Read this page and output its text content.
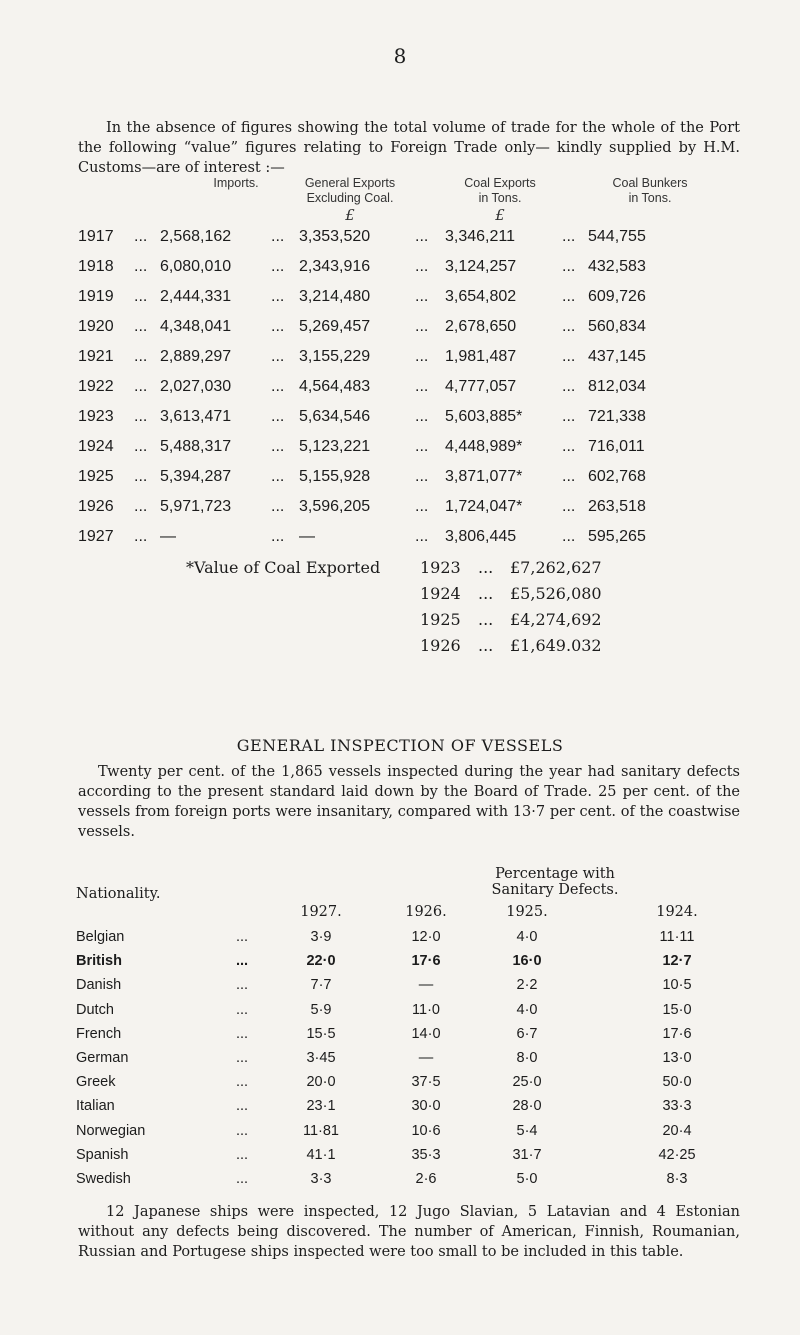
8
In the absence of figures showing the total volume of trade for the whole of the Port the following “value” figures relating to Foreign Trade only— kindly supplied by H.M. Customs—are of interest :—
Imports.	General Exports
Excluding Coal.
£
Coal Exports
in Tons.
£
Coal Bunkers
in Tons.
1917 ... 2,568,162 ... 3,353,520	... 3,346,211	... 544,755
1918 ... 6,080,010 ... 2,343,916	... 3,124,257	... 432,583
1919 ... 2,444,331 ... 3,214,480	... 3,654,802	... 609,726
1920 ... 4,348,041 ... 5,269,457	... 2,678,650	... 560,834
1921 ... 2,889,297 ... 3,155,229	... 1,981,487	... 437,145
1922 ... 2,027,030 ... 4,564,483	... 4,777,057	... 812,034
1923 ... 3,613,471 ... 5,634,546	... 5,603,885* ... 721,338
1924 ... 5,488,317 ... 5,123,221	... 4,448,989* ... 716,011
1925 ... 5,394,287 ... 5,155,928	... 3,871,077* ... 602,768
1926 ... 5,971,723 ... 3,596,205	... 1,724,047* ... 263,518
1927 ... —	... —	... 3,806,445	... 595,265
*Value of Coal Exported 1923 ... £7,262,627
1924 ... £5,526,080
1925 ... £4,274,692
1926 ... £1,649.032
GENERAL INSPECTION OF VESSELS
Twenty per cent. of the 1,865 vessels inspected during the year had sanitary defects according to the present standard laid down by the Board of Trade. 25 per cent. of the vessels from foreign ports were insanitary, compared with 13·7 per cent. of the coastwise vessels.
Nationality.
Percentage with
Sanitary Defects.
1927.	1926.	1925.	1924.
Belgian	...	3·9	12·0	4·0	11·11
British	...	22·0	17·6	16·0	12·7
Danish	...	7·7	—	2·2	10·5
Dutch	...	5·9	11·0	4·0	15·0
French	...	15·5	14·0	6·7	17·6
German	...	3·45	—	8·0	13·0
Greek	...	20·0	37·5	25·0	50·0
Italian	...	23·1	30·0	28·0	33·3
Norwegian	...	11·81	10·6	5·4	20·4
Spanish	...	41·1	35·3	31·7	42·25
Swedish	...	3·3	2·6	5·0	8·3
12 Japanese ships were inspected, 12 Jugo Slavian, 5 Latavian and 4 Estonian without any defects being discovered. The number of American, Finnish, Roumanian, Russian and Portugese ships inspected were too small to be included in this table.
